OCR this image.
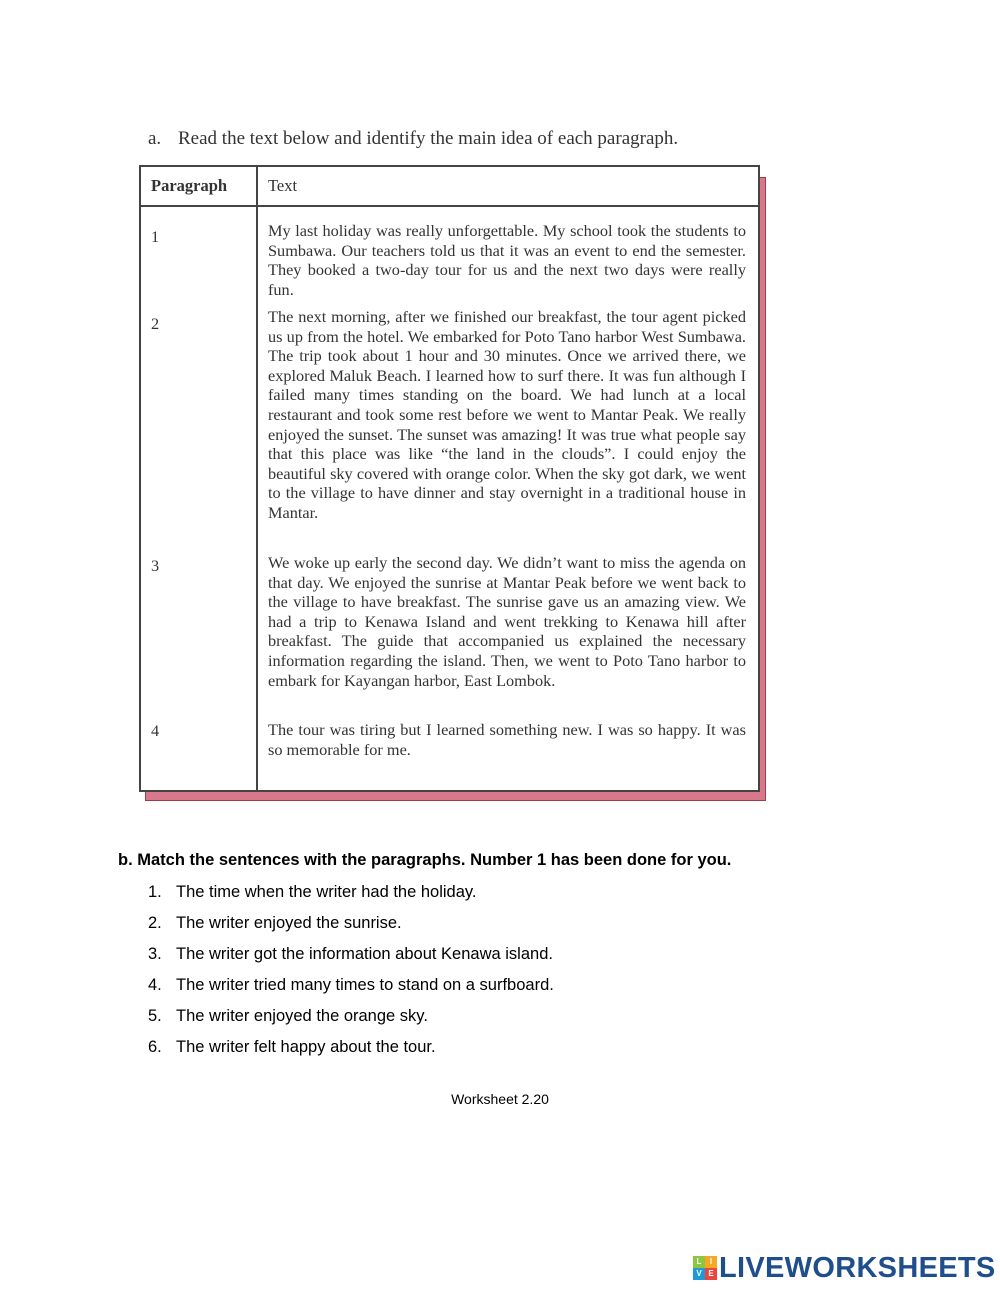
a. Read the text below and identify the main idea of each paragraph.
Paragraph	Text
1	My last holiday was really unforgettable. My school took the students to Sumbawa. Our teachers told us that it was an event to end the semester. They booked a two-day tour for us and the next two days were really fun.
2	The next morning, after we finished our breakfast, the tour agent picked us up from the hotel. We embarked for Poto Tano harbor West Sumbawa. The trip took about 1 hour and 30 minutes. Once we arrived there, we explored Maluk Beach. I learned how to surf there. It was fun although I failed many times standing on the board. We had lunch at a local restaurant and took some rest before we went to Mantar Peak. We really enjoyed the sunset. The sunset was amazing! It was true what people say that this place was like “the land in the clouds”. I could enjoy the beautiful sky covered with orange color. When the sky got dark, we went to the village to have dinner and stay overnight in a traditional house in Mantar.
3	We woke up early the second day. We didn’t want to miss the agenda on that day. We enjoyed the sunrise at Mantar Peak before we went back to the village to have breakfast. The sunrise gave us an amazing view. We had a trip to Kenawa Island and went trekking to Kenawa hill after breakfast. The guide that accompanied us explained the necessary information regarding the island. Then, we went to Poto Tano harbor to embark for Kayangan harbor, East Lombok.
4	The tour was tiring but I learned something new. I was so happy. It was so memorable for me.

b. Match the sentences with the paragraphs. Number 1 has been done for you.

1. The time when the writer had the holiday.
2. The writer enjoyed the sunrise.
3. The writer got the information about Kenawa island.
4. The writer tried many times to stand on a surfboard.
5. The writer enjoyed the orange sky.
6. The writer felt happy about the tour.
Worksheet 2.20
L	I
V E LIVEWORKSHEETS
